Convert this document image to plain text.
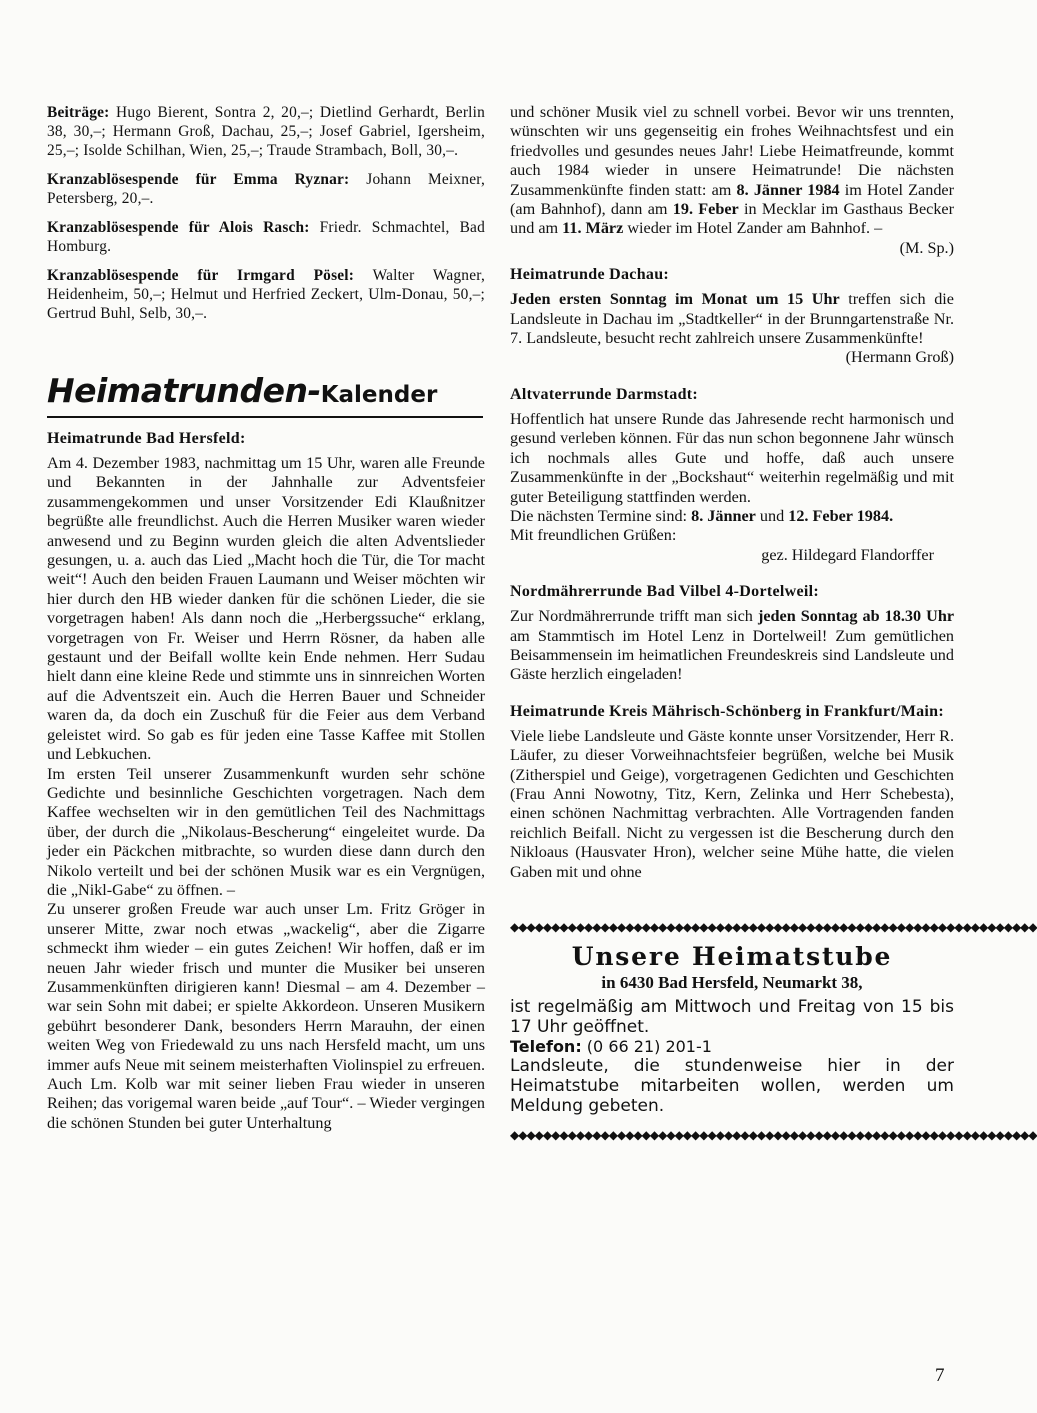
Beiträge: Hugo Bierent, Sontra 2, 20,–; Dietlind Gerhardt, Berlin 38, 30,–; Hermann Groß, Dachau, 25,–; Josef Gabriel, Igersheim, 25,–; Isolde Schilhan, Wien, 25,–; Traude Strambach, Boll, 30,–.

Kranzablösespende für Emma Ryznar: Johann Meixner, Petersberg, 20,–.

Kranzablösespende für Alois Rasch: Friedr. Schmachtel, Bad Homburg.

Kranzablösespende für Irmgard Pösel: Walter Wagner, Heidenheim, 50,–; Helmut und Herfried Zeckert, Ulm-Donau, 50,–; Gertrud Buhl, Selb, 30,–.

Heimatrunden-Kalender

Heimatrunde Bad Hersfeld:

Am 4. Dezember 1983, nachmittag um 15 Uhr, waren alle Freunde und Bekannten in der Jahnhalle zur Adventsfeier zusammengekommen und unser Vorsitzender Edi Klaußnitzer begrüßte alle freundlichst. Auch die Herren Musiker waren wieder anwesend und zu Beginn wurden gleich die alten Adventslieder gesungen, u. a. auch das Lied „Macht hoch die Tür, die Tor macht weit“! Auch den beiden Frauen Laumann und Weiser möchten wir hier durch den HB wieder danken für die schönen Lieder, die sie vorgetragen haben! Als dann noch die „Herbergssuche“ erklang, vorgetragen von Fr. Weiser und Herrn Rösner, da haben alle gestaunt und der Beifall wollte kein Ende nehmen. Herr Sudau hielt dann eine kleine Rede und stimmte uns in sinnreichen Worten auf die Adventszeit ein. Auch die Herren Bauer und Schneider waren da, da doch ein Zuschuß für die Feier aus dem Verband geleistet wird. So gab es für jeden eine Tasse Kaffee mit Stollen und Lebkuchen.

Im ersten Teil unserer Zusammenkunft wurden sehr schöne Gedichte und besinnliche Geschichten vorgetragen. Nach dem Kaffee wechselten wir in den gemütlichen Teil des Nachmittags über, der durch die „Nikolaus-Bescherung“ eingeleitet wurde. Da jeder ein Päckchen mitbrachte, so wurden diese dann durch den Nikolo verteilt und bei der schönen Musik war es ein Vergnügen, die „Nikl-Gabe“ zu öffnen. –

Zu unserer großen Freude war auch unser Lm. Fritz Gröger in unserer Mitte, zwar noch etwas „wackelig“, aber die Zigarre schmeckt ihm wieder – ein gutes Zeichen! Wir hoffen, daß er im neuen Jahr wieder frisch und munter die Musiker bei unseren Zusammenkünften dirigieren kann! Diesmal – am 4. Dezember – war sein Sohn mit dabei; er spielte Akkordeon. Unseren Musikern gebührt besonderer Dank, besonders Herrn Marauhn, der einen weiten Weg von Friedewald zu uns nach Hersfeld macht, um uns immer aufs Neue mit seinem meisterhaften Violinspiel zu erfreuen. Auch Lm. Kolb war mit seiner lieben Frau wieder in unseren Reihen; das vorigemal waren beide „auf Tour“. – Wieder vergingen die schönen Stunden bei guter Unterhaltung

und schöner Musik viel zu schnell vorbei. Bevor wir uns trennten, wünschten wir uns gegenseitig ein frohes Weihnachtsfest und ein friedvolles und gesundes neues Jahr! Liebe Heimatfreunde, kommt auch 1984 wieder in unsere Heimatrunde! Die nächsten Zusammenkünfte finden statt: am 8. Jänner 1984 im Hotel Zander (am Bahnhof), dann am 19. Feber in Mecklar im Gasthaus Becker und am 11. März wieder im Hotel Zander am Bahnhof. –

(M. Sp.)

Heimatrunde Dachau:

Jeden ersten Sonntag im Monat um 15 Uhr treffen sich die Landsleute in Dachau im „Stadtkeller“ in der Brunngartenstraße Nr. 7. Landsleute, besucht recht zahlreich unsere Zusammenkünfte!

(Hermann Groß)

Altvaterrunde Darmstadt:

Hoffentlich hat unsere Runde das Jahresende recht harmonisch und gesund verleben können. Für das nun schon begonnene Jahr wünsch ich nochmals alles Gute und hoffe, daß auch unsere Zusammenkünfte in der „Bockshaut“ weiterhin regelmäßig und mit guter Beteiligung stattfinden werden.

Die nächsten Termine sind: 8. Jänner und 12. Feber 1984.

Mit freundlichen Grüßen:

gez. Hildegard Flandorffer

Nordmährerrunde Bad Vilbel 4-Dortelweil:

Zur Nordmährerrunde trifft man sich jeden Sonntag ab 18.30 Uhr am Stammtisch im Hotel Lenz in Dortelweil! Zum gemütlichen Beisammensein im heimatlichen Freundeskreis sind Landsleute und Gäste herzlich eingeladen!

Heimatrunde Kreis Mährisch-Schönberg in Frankfurt/Main:

Viele liebe Landsleute und Gäste konnte unser Vorsitzender, Herr R. Läufer, zu dieser Vorweihnachtsfeier begrüßen, welche bei Musik (Zitherspiel und Geige), vorgetragenen Gedichten und Geschichten (Frau Anni Nowotny, Titz, Kern, Zelinka und Herr Schebesta), einen schönen Nachmittag verbrachten. Alle Vortragenden fanden reichlich Beifall. Nicht zu vergessen ist die Bescherung durch den Nikloaus (Hausvater Hron), welcher seine Mühe hatte, die vielen Gaben mit und ohne

◆◆◆◆◆◆◆◆◆◆◆◆◆◆◆◆◆◆◆◆◆◆◆◆◆◆◆◆◆◆◆◆◆◆◆◆◆◆◆◆◆◆◆◆◆◆◆◆◆◆◆◆◆◆◆◆◆◆◆◆◆◆◆◆

Unsere Heimatstube

in 6430 Bad Hersfeld, Neumarkt 38,

ist regelmäßig am Mittwoch und Freitag von 15 bis 17 Uhr geöffnet.

Telefon: (0 66 21) 201-1

Landsleute, die stundenweise hier in der Heimatstube mitarbeiten wollen, werden um Meldung gebeten.

◆◆◆◆◆◆◆◆◆◆◆◆◆◆◆◆◆◆◆◆◆◆◆◆◆◆◆◆◆◆◆◆◆◆◆◆◆◆◆◆◆◆◆◆◆◆◆◆◆◆◆◆◆◆◆◆◆◆◆◆◆◆◆◆
7
